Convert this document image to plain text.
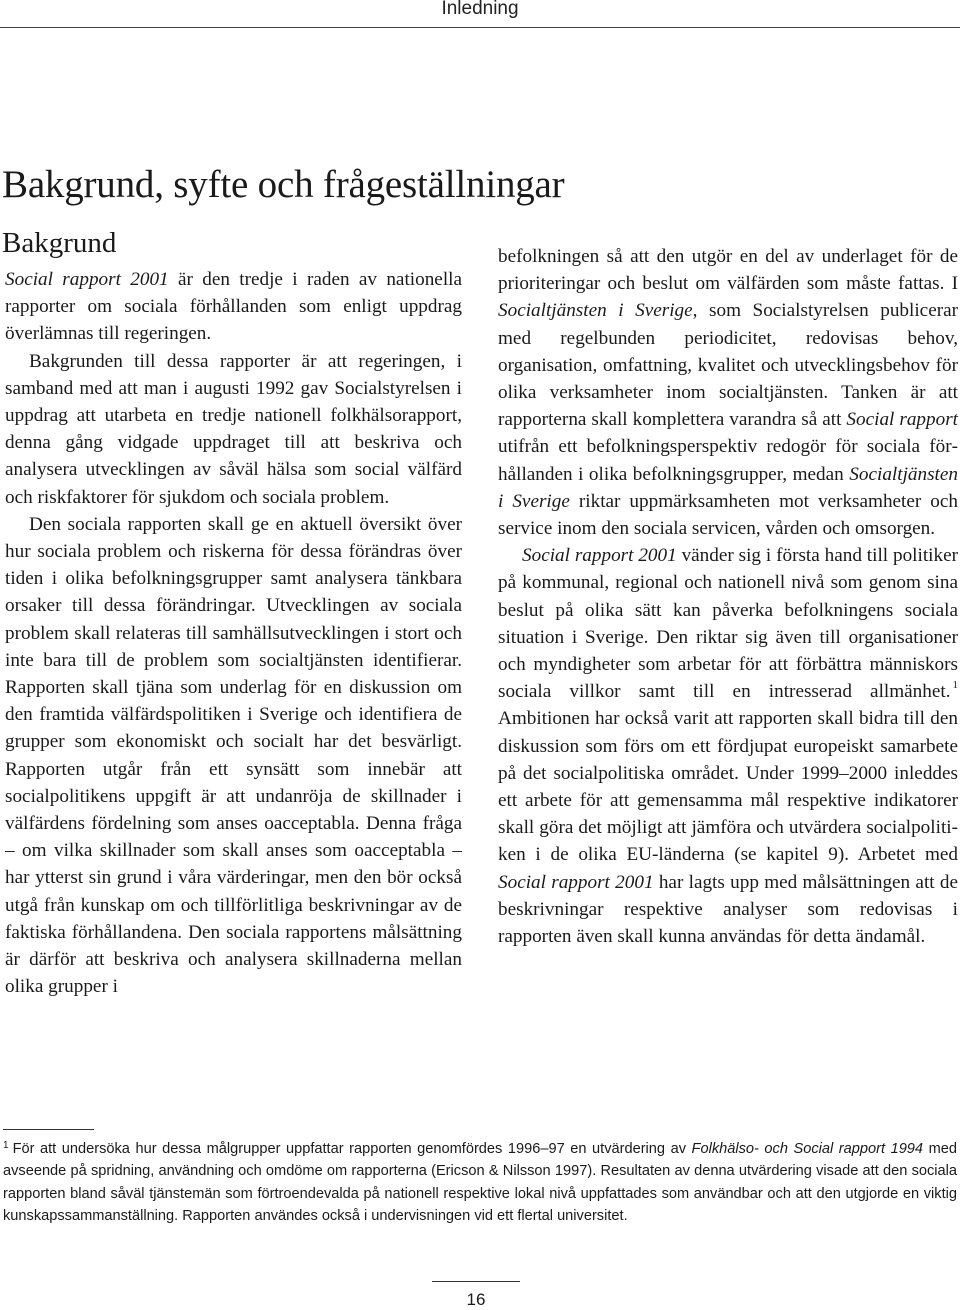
Inledning
Bakgrund, syfte och frågeställningar
Bakgrund

Social rapport 2001 är den tredje i raden av nationella rapporter om sociala förhållanden som enligt uppdrag överlämnas till regeringen.

Bakgrunden till dessa rapporter är att regeringen, i samband med att man i augusti 1992 gav Socialstyrelsen i uppdrag att utarbeta en tredje nationell folkhälsorapport, denna gång vidgade uppdraget till att beskriva och analysera utvecklingen av såväl hälsa som social välfärd och riskfaktorer för sjukdom och sociala problem.

Den sociala rapporten skall ge en aktuell översikt över hur sociala problem och riskerna för dessa förändras över tiden i olika befolkningsgrupper samt analysera tänkbara orsaker till dessa förändringar. Utvecklingen av sociala problem skall relateras till samhällsutvecklingen i stort och inte bara till de problem som socialtjänsten identifierar. Rapporten skall tjäna som underlag för en diskussion om den framtida välfärdspolitiken i Sverige och identifiera de grupper som ekonomiskt och socialt har det besvärligt. Rapporten utgår från ett synsätt som innebär att socialpolitikens uppgift är att undanröja de skillnader i välfärdens fördelning som anses oacceptabla. Denna fråga – om vilka skillnader som skall anses som oacceptabla – har ytterst sin grund i våra värderingar, men den bör också utgå från kunskap om och tillförlitliga beskrivningar av de faktiska förhållandena. Den sociala rapportens målsättning är därför att beskriva och analysera skillnaderna mellan olika grupper i

befolkningen så att den utgör en del av underlaget för de prioriteringar och beslut om välfärden som måste fattas. I Socialtjänsten i Sverige, som Socialstyrelsen publicerar med regelbunden periodicitet, redovisas behov, organisation, omfattning, kvalitet och utvecklingsbehov för olika verksamheter inom socialtjänsten. Tanken är att rapporterna skall komplettera varandra så att Social rapport utifrån ett befolkningsperspektiv redogör för sociala förhållanden i olika befolkningsgrupper, medan Socialtjänsten i Sverige riktar uppmärksamheten mot verksamheter och service inom den sociala servicen, vården och omsorgen.

Social rapport 2001 vänder sig i första hand till politiker på kommunal, regional och nationell nivå som genom sina beslut på olika sätt kan påverka befolkningens sociala situation i Sverige. Den riktar sig även till organisationer och myndigheter som arbetar för att förbättra människors sociala villkor samt till en intresserad allmänhet. $^1$ Ambitionen har också varit att rapporten skall bidra till den diskussion som förs om ett fördjupat europeiskt samarbete på det socialpolitiska området. Under 1999–2000 inleddes ett arbete för att gemensamma mål respektive indikatorer skall göra det möjligt att jämföra och utvärdera socialpolitiken i de olika EU-länderna (se kapitel 9). Arbetet med Social rapport 2001 har lagts upp med målsättningen att de beskrivningar respektive analyser som redovisas i rapporten även skall kunna användas för detta ändamål.

$^1$ För att undersöka hur dessa målgrupper uppfattar rapporten genomfördes 1996–97 en utvärdering av Folkhälso- och Social rapport 1994 med avseende på spridning, användning och omdöme om rapporterna (Ericson & Nilsson 1997). Resultaten av denna utvärdering visade att den sociala rapporten bland såväl tjänstemän som förtroendevalda på nationell respektive lokal nivå uppfattades som användbar och att den utgjorde en viktig kunskapssammanställning. Rapporten användes också i undervisningen vid ett flertal universitet.
16
